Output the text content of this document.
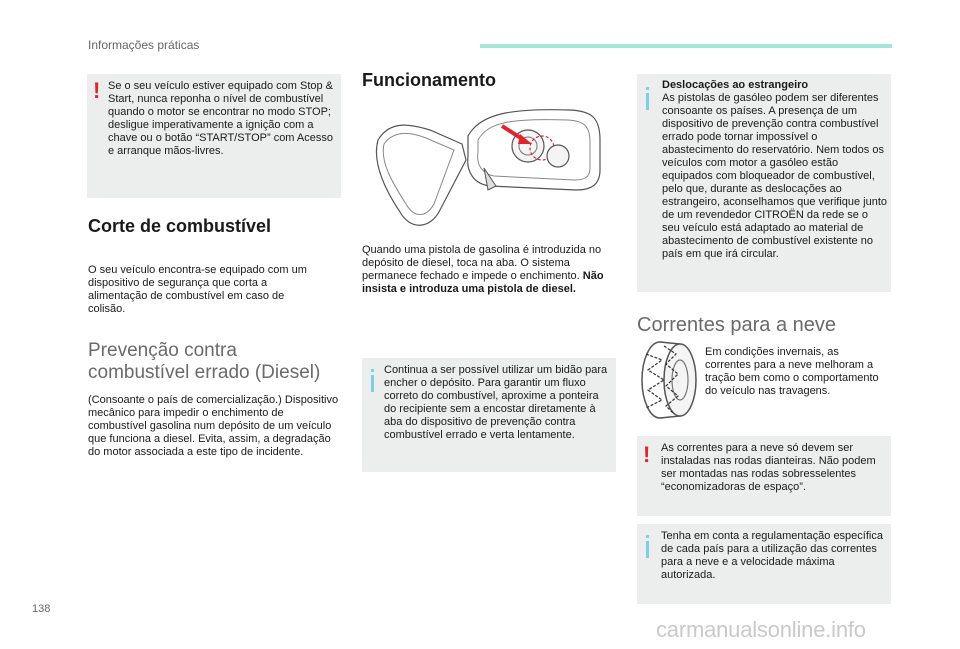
Informações práticas
! Se o seu veículo estiver equipado com Stop & Start, nunca reponha o nível de combustível quando o motor se encontrar no modo STOP; desligue imperativamente a ignição com a chave ou o botão “START/STOP” com Acesso e arranque mãos-livres.
Corte de combustível
O seu veículo encontra-se equipado com um dispositivo de segurança que corta a alimentação de combustível em caso de colisão.
Prevenção contra
combustível errado (Diesel)
(Consoante o país de comercialização.) Dispositivo mecânico para impedir o enchimento de combustível gasolina num depósito de um veículo que funciona a diesel. Evita, assim, a degradação do motor associada a este tipo de incidente.
Funcionamento
Quando uma pistola de gasolina é introduzida no depósito de diesel, toca na aba. O sistema permanece fechado e impede o enchimento. Não insista e introduza uma pistola de diesel.
Continua a ser possível utilizar um bidão para encher o depósito. Para garantir um fluxo correto do combustível, aproxime a ponteira do recipiente sem a encostar diretamente à aba do dispositivo de prevenção contra combustível errado e verta lentamente.
Deslocações ao estrangeiro
As pistolas de gasóleo podem ser diferentes consoante os países. A presença de um dispositivo de prevenção contra combustível errado pode tornar impossível o abastecimento do reservatório. Nem todos os veículos com motor a gasóleo estão equipados com bloqueador de combustível, pelo que, durante as deslocações ao estrangeiro, aconselhamos que verifique junto de um revendedor CITROËN da rede se o seu veículo está adaptado ao material de abastecimento de combustível existente no país em que irá circular.
Correntes para a neve
Em condições invernais, as correntes para a neve melhoram a tração bem como o comportamento do veículo nas travagens.
! As correntes para a neve só devem ser instaladas nas rodas dianteiras. Não podem ser montadas nas rodas sobresselentes “economizadoras de espaço”.
Tenha em conta a regulamentação específica de cada país para a utilização das correntes para a neve e a velocidade máxima autorizada.
138
carmanualsonline.info
